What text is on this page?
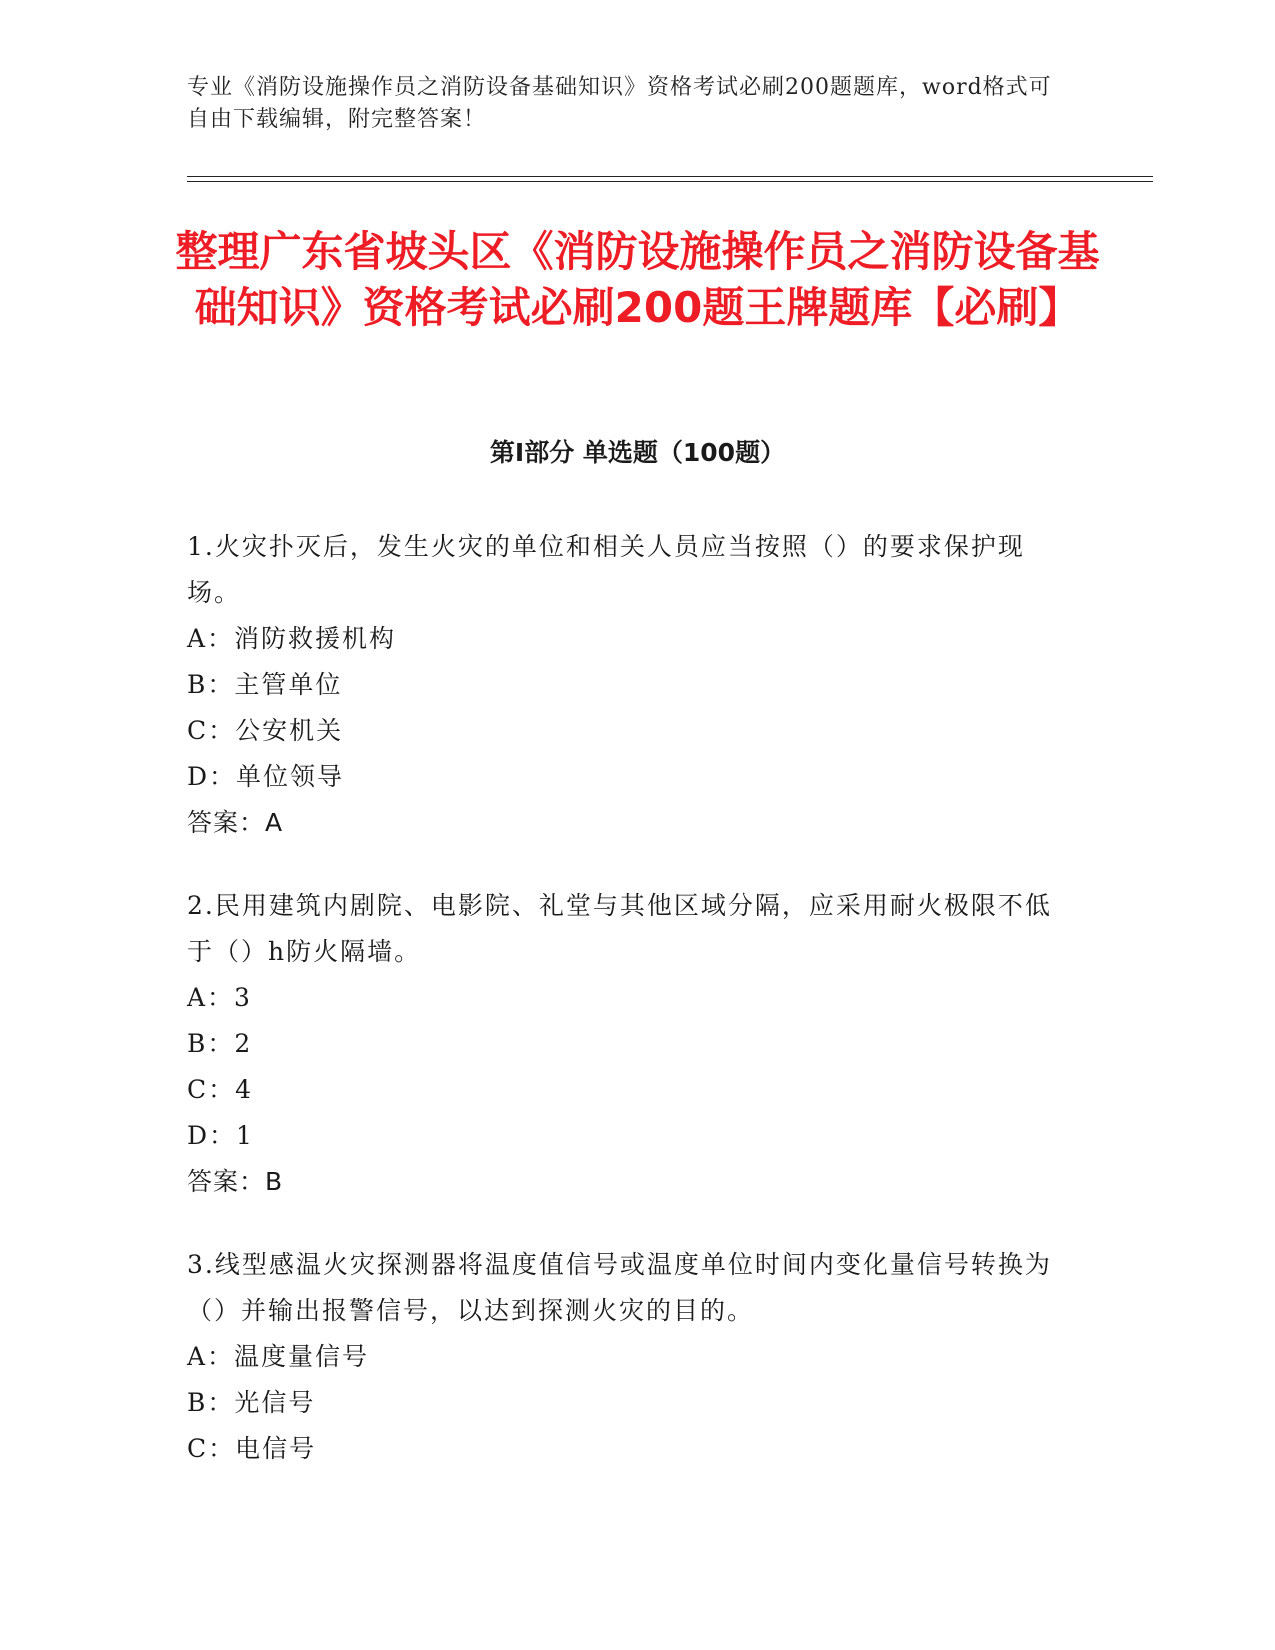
专业《消防设施操作员之消防设备基础知识》资格考试必刷200题题库，word格式可自由下载编辑，附完整答案！
整理广东省坡头区《消防设施操作员之消防设备基础知识》资格考试必刷200题王牌题库【必刷】
第I部分 单选题（100题）
1.火灾扑灭后，发生火灾的单位和相关人员应当按照（）的要求保护现场。
A：消防救援机构
B：主管单位
C：公安机关
D：单位领导
答案：A
2.民用建筑内剧院、电影院、礼堂与其他区域分隔，应采用耐火极限不低于（）h防火隔墙。
A：3
B：2
C：4
D：1
答案：B
3.线型感温火灾探测器将温度值信号或温度单位时间内变化量信号转换为（）并输出报警信号，以达到探测火灾的目的。
A：温度量信号
B：光信号
C：电信号
